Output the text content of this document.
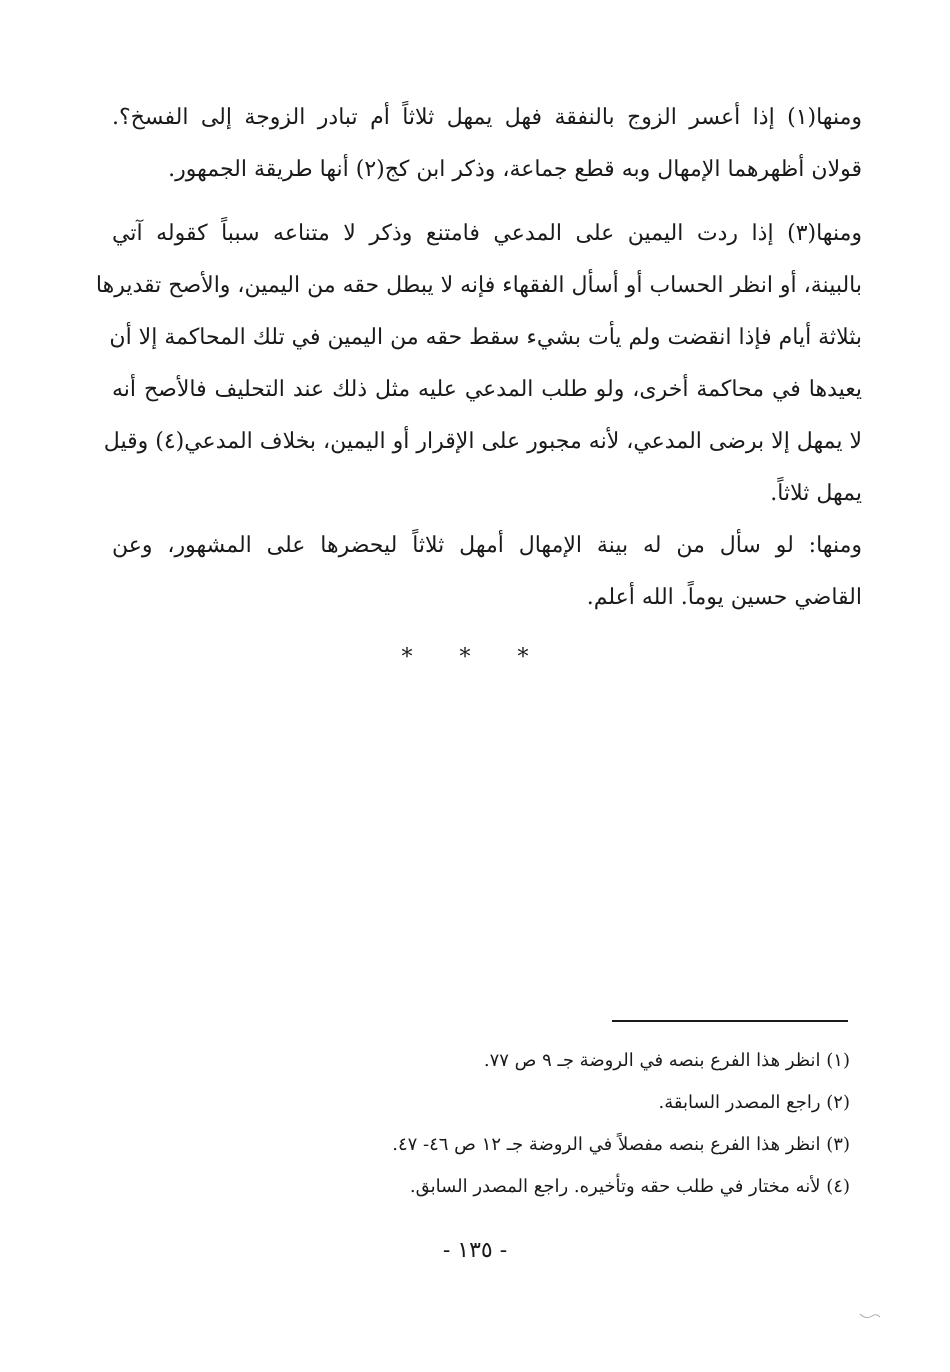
ومنها(١) إذا أعسر الزوج بالنفقة فهل يمهل ثلاثاً أم تبادر الزوجة إلى الفسخ؟.
قولان أظهرهما الإمهال وبه قطع جماعة، وذكر ابن كج(٢) أنها طريقة الجمهور.

ومنها(٣) إذا ردت اليمين على المدعي فامتنع وذكر لا متناعه سبباً كقوله آتي
بالبينة، أو انظر الحساب أو أسأل الفقهاء فإنه لا يبطل حقه من اليمين، والأصح تقديرها
بثلاثة أيام فإذا انقضت ولم يأت بشيء سقط حقه من اليمين في تلك المحاكمة إلا أن
يعيدها في محاكمة أخرى، ولو طلب المدعي عليه مثل ذلك عند التحليف فالأصح أنه
لا يمهل إلا برضى المدعي، لأنه مجبور على الإقرار أو اليمين، بخلاف المدعي(٤) وقيل
يمهل ثلاثاً.

ومنها: لو سأل من له بينة الإمهال أمهل ثلاثاً ليحضرها على المشهور، وعن
القاضي حسين يوماً. الله أعلم.

* * *
(١) انظر هذا الفرع بنصه في الروضة جـ ٩ ص ٧٧.
(٢) راجع المصدر السابقة.
(٣) انظر هذا الفرع بنصه مفصلاً في الروضة جـ ١٢ ص ٤٦- ٤٧.
(٤) لأنه مختار في طلب حقه وتأخيره. راجع المصدر السابق.
- ١٣٥ -
